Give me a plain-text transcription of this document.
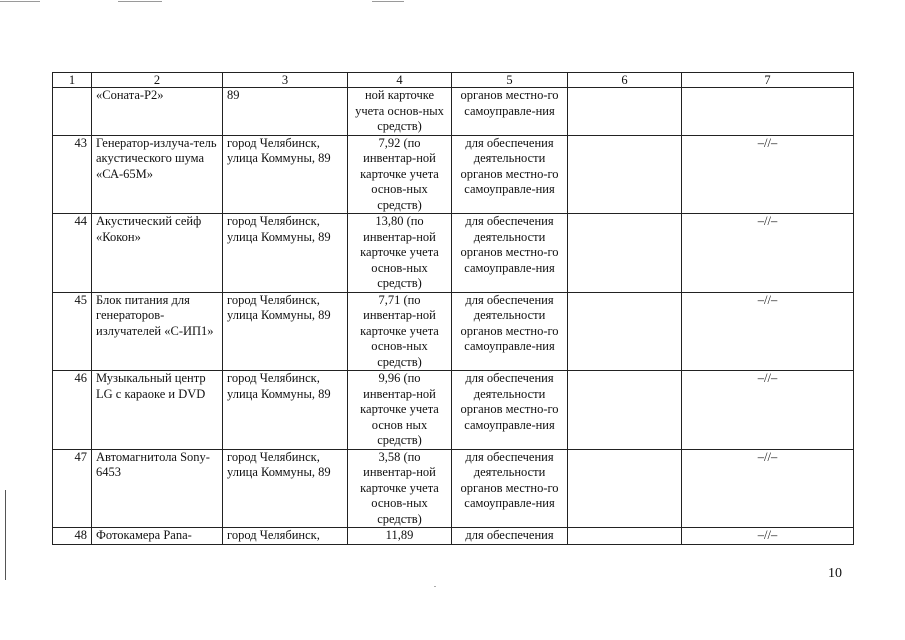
1	2	3	4	5	6	7
	«Соната-Р2»	89	ной карточке учета основ-ных средств)	органов местно-го самоуправле-ния		
43	Генератор-излуча-тель акустического шума «СА-65М»	город Челябинск, улица Коммуны, 89	7,92 (по инвентар-ной карточке учета основ-ных средств)	для обеспечения деятельности органов местно-го самоуправле-ния		–//–
44	Акустический сейф «Кокон»	город Челябинск, улица Коммуны, 89	13,80 (по инвентар-ной карточке учета основ-ных средств)	для обеспечения деятельности органов местно-го самоуправле-ния		–//–
45	Блок питания для генераторов-излучателей «С-ИП1»	город Челябинск, улица Коммуны, 89	7,71 (по инвентар-ной карточке учета основ-ных средств)	для обеспечения деятельности органов местно-го самоуправле-ния		–//–
46	Музыкальный центр LG с караоке и DVD	город Челябинск, улица Коммуны, 89	9,96 (по инвентар-ной карточке учета основ ных средств)	для обеспечения деятельности органов местно-го самоуправле-ния		–//–
47	Автомагнитола Sony-6453	город Челябинск, улица Коммуны, 89	3,58 (по инвентар-ной карточке учета основ-ных средств)	для обеспечения деятельности органов местно-го самоуправле-ния		–//–
48	Фотокамера Pana-	город Челябинск,	11,89	для обеспечения		–//–
10
